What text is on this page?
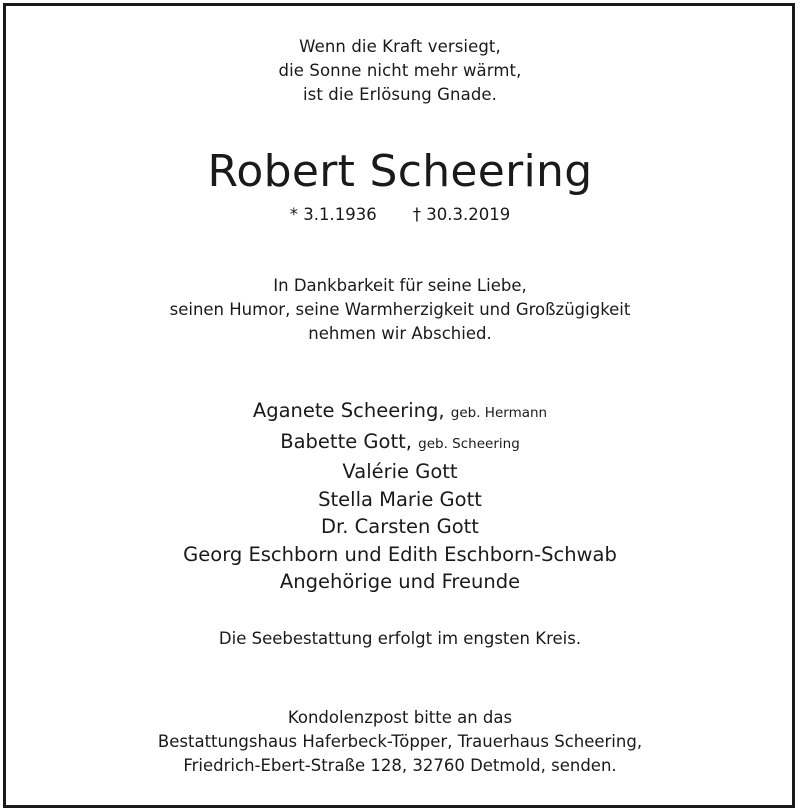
Wenn die Kraft versiegt,
die Sonne nicht mehr wärmt,
ist die Erlösung Gnade.
Robert Scheering
* 3.1.1936 † 30.3.2019
In Dankbarkeit für seine Liebe,
seinen Humor, seine Warmherzigkeit und Großzügigkeit
nehmen wir Abschied.
Aganete Scheering, geb. Hermann
Babette Gott, geb. Scheering
Valérie Gott
Stella Marie Gott
Dr. Carsten Gott
Georg Eschborn und Edith Eschborn-Schwab
Angehörige und Freunde
Die Seebestattung erfolgt im engsten Kreis.
Kondolenzpost bitte an das
Bestattungshaus Haferbeck-Töpper, Trauerhaus Scheering,
Friedrich-Ebert-Straße 128, 32760 Detmold, senden.
